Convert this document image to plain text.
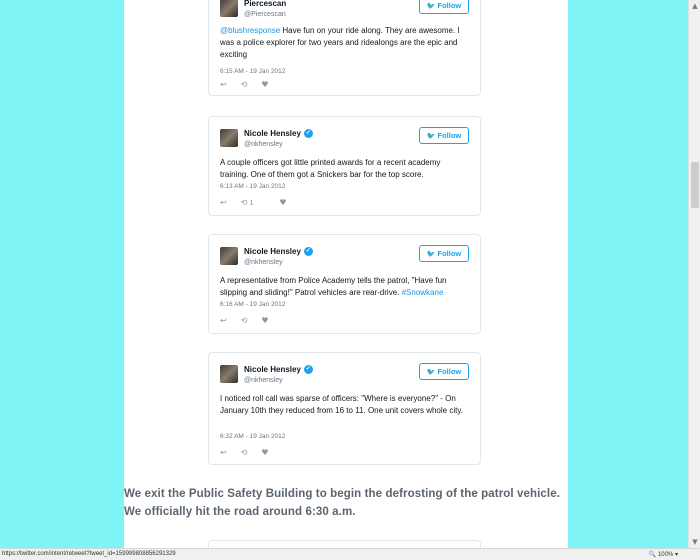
Piercescan
@Piercescan
🐦 Follow
@blushresponse Have fun on your ride along. They are awesome. I was a police explorer for two years and ridealongs are the epic and exciting
6:15 AM - 19 Jan 2012
↩ ⟲ ♥
Nicole Hensley ✓
@nkhensley
🐦 Follow
A couple officers got little printed awards for a recent academy training. One of them got a Snickers bar for the top score.
6:13 AM - 19 Jan 2012
↩ ⟲ 1	♥
Nicole Hensley ✓
@nkhensley
🐦 Follow
A representative from Police Academy tells the patrol, "Have fun slipping and sliding!" Patrol vehicles are rear-drive. #Snowkane
6:16 AM - 19 Jan 2012
↩ ⟲ ♥
Nicole Hensley ✓
@nkhensley
🐦 Follow
I noticed roll call was sparse of officers: "Where is everyone?" - On January 10th they reduced from 16 to 11. One unit covers whole city.
6:32 AM - 19 Jan 2012
↩ ⟲ ♥
We exit the Public Safety Building to begin the defrosting of the patrol vehicle. We officially hit the road around 6:30 a.m.
▲
▼
https://twitter.com/intent/retweet?tweet_id=159999808856291329	🔍 100% ▾
